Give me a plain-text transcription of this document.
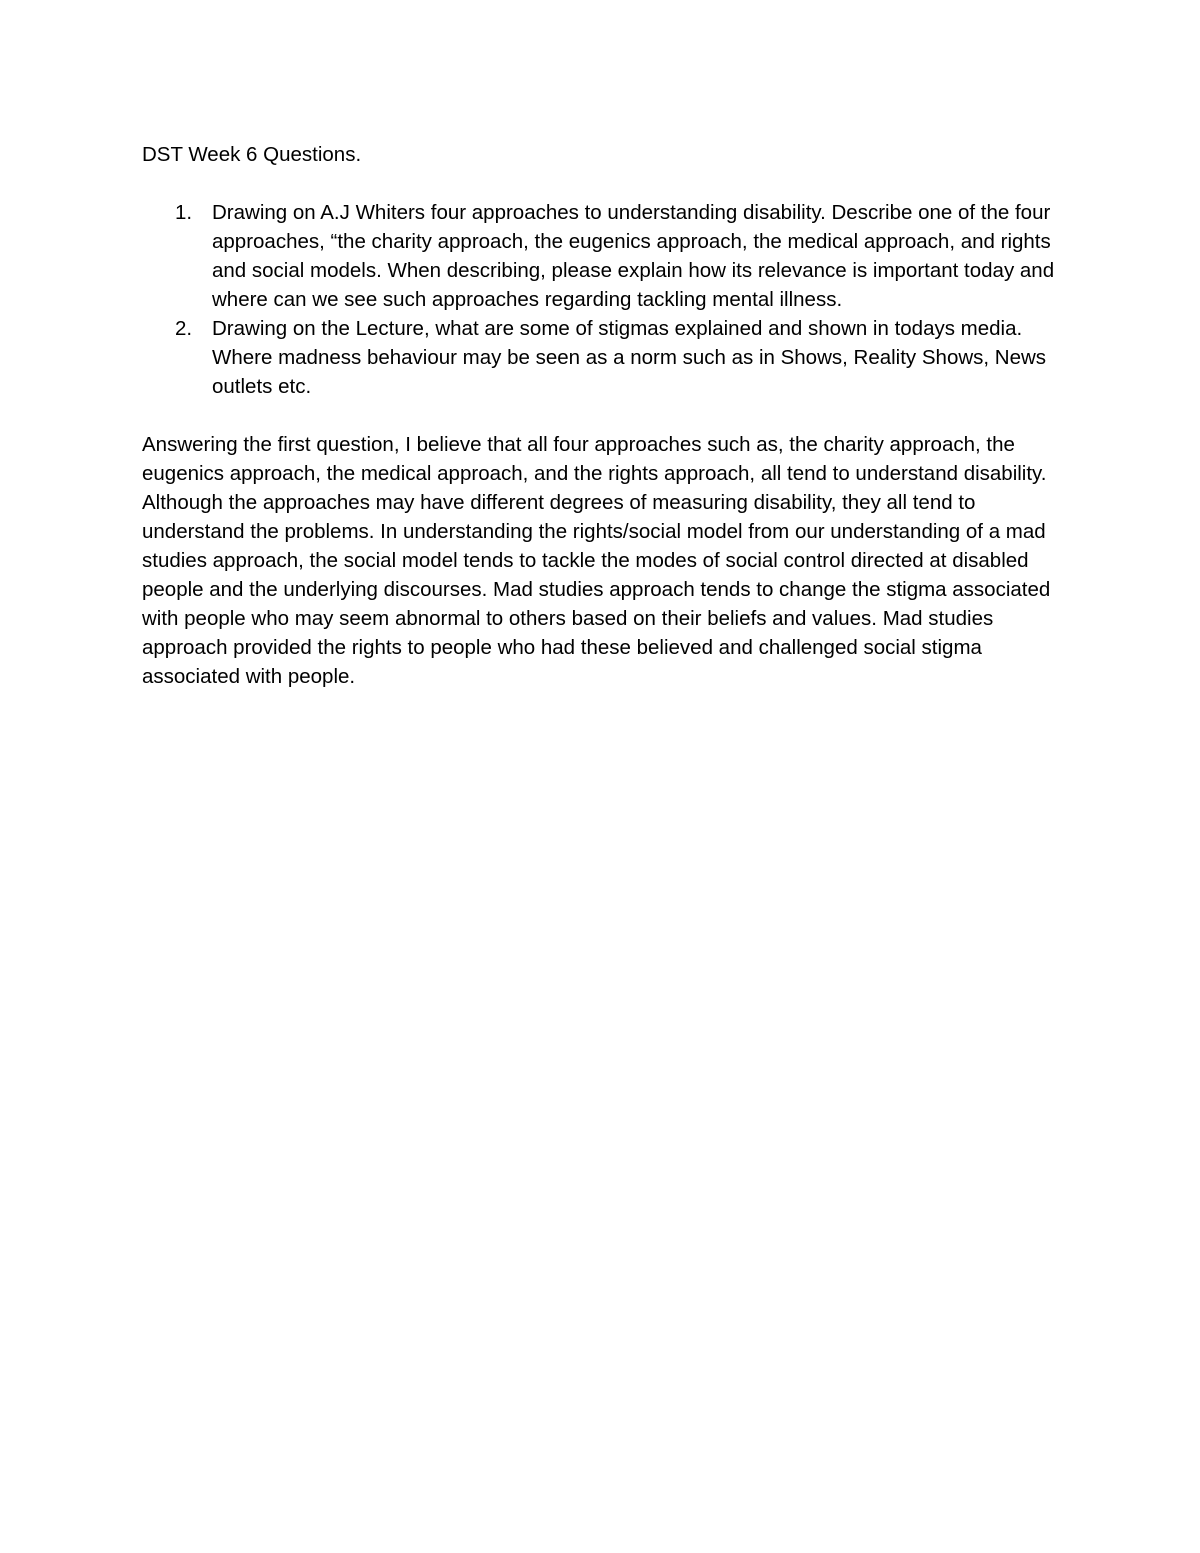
DST Week 6 Questions.

1. Drawing on A.J Whiters four approaches to understanding disability. Describe one of the four approaches, “the charity approach, the eugenics approach, the medical approach, and rights and social models. When describing, please explain how its relevance is important today and where can we see such approaches regarding tackling mental illness.
2. Drawing on the Lecture, what are some of stigmas explained and shown in todays media. Where madness behaviour may be seen as a norm such as in Shows, Reality Shows, News outlets etc.

Answering the first question, I believe that all four approaches such as, the charity approach, the eugenics approach, the medical approach, and the rights approach, all tend to understand disability. Although the approaches may have different degrees of measuring disability, they all tend to understand the problems. In understanding the rights/social model from our understanding of a mad studies approach, the social model tends to tackle the modes of social control directed at disabled people and the underlying discourses. Mad studies approach tends to change the stigma associated with people who may seem abnormal to others based on their beliefs and values. Mad studies approach provided the rights to people who had these believed and challenged social stigma associated with people.
